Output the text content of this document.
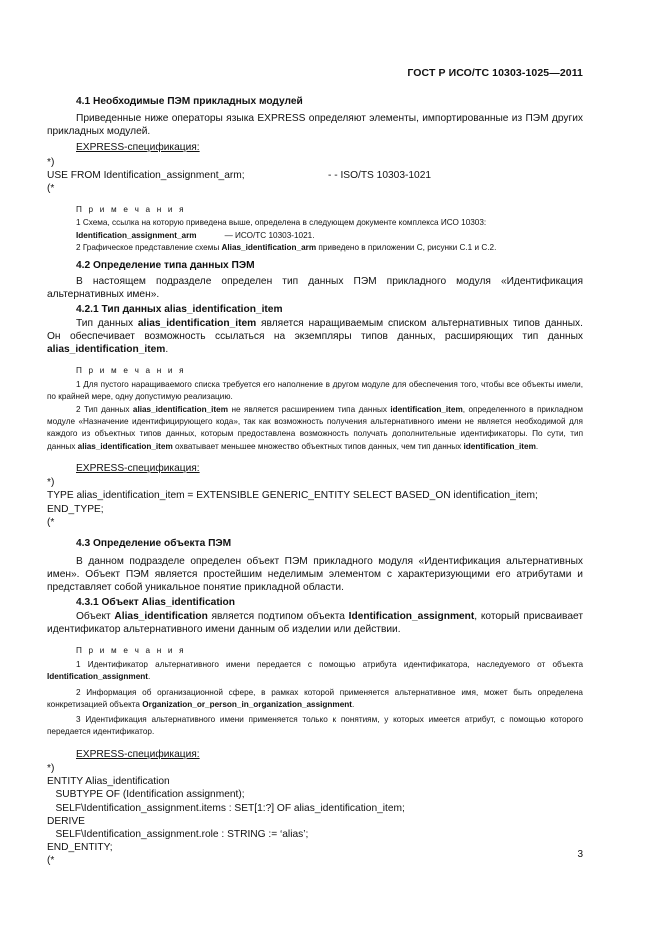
ГОСТ Р ИСО/ТС 10303-1025—2011
4.1 Необходимые ПЭМ прикладных модулей

Приведенные ниже операторы языка EXPRESS определяют элементы, импортированные из ПЭМ других прикладных модулей.

EXPRESS-спецификация:

*)

USE FROM Identification_assignment_arm;	- - ISO/TS 10303-1021

(*

П р и м е ч а н и я

1 Схема, ссылка на которую приведена выше, определена в следующем документе комплекса ИСО 10303:

Identification_assignment_arm	— ИСО/ТС 10303-1021.

2 Графическое представление схемы Alias_identification_arm приведено в приложении С, рисунки С.1 и С.2.

4.2 Определение типа данных ПЭМ

В настоящем подразделе определен тип данных ПЭМ прикладного модуля «Идентификация альтернативных имен».

4.2.1 Тип данных alias_identification_item

Тип данных alias_identification_item является наращиваемым списком альтернативных типов данных. Он обеспечивает возможность ссылаться на экземпляры типов данных, расширяющих тип данных alias_identification_item.

П р и м е ч а н и я

1 Для пустого наращиваемого списка требуется его наполнение в другом модуле для обеспечения того, чтобы все объекты имели, по крайней мере, одну допустимую реализацию.

2 Тип данных alias_identification_item не является расширением типа данных identification_item, определенного в прикладном модуле «Назначение идентифицирующего кода», так как возможность получения альтернативного имени не является необходимой для каждого из объектных типов данных, которым предоставлена возможность получать дополнительные идентификаторы. По сути, тип данных alias_identification_item охватывает меньшее множество объектных типов данных, чем тип данных identification_item.

EXPRESS-спецификация:

*)

TYPE alias_identification_item = EXTENSIBLE GENERIC_ENTITY SELECT BASED_ON identification_item;

END_TYPE;

(*

4.3 Определение объекта ПЭМ

В данном подразделе определен объект ПЭМ прикладного модуля «Идентификация альтернативных имен». Объект ПЭМ является простейшим неделимым элементом с характеризующими его атрибутами и представляет собой уникальное понятие прикладной области.

4.3.1 Объект Alias_identification

Объект Alias_identification является подтипом объекта Identification_assignment, который присваивает идентификатор альтернативного имени данным об изделии или действии.

П р и м е ч а н и я

1 Идентификатор альтернативного имени передается с помощью атрибута идентификатора, наследуемого от объекта Identification_assignment.

2 Информация об организационной сфере, в рамках которой применяется альтернативное имя, может быть определена конкретизацией объекта Organization_or_person_in_organization_assignment.

3 Идентификация альтернативного имени применяется только к понятиям, у которых имеется атрибут, с помощью которого передается идентификатор.

EXPRESS-спецификация:

*)

ENTITY Alias_identification

SUBTYPE OF (Identification assignment);

SELF\Identification_assignment.items : SET[1:?] OF alias_identification_item;

DERIVE

SELF\Identification_assignment.role : STRING := ‘alias’;

END_ENTITY;

(*

3
